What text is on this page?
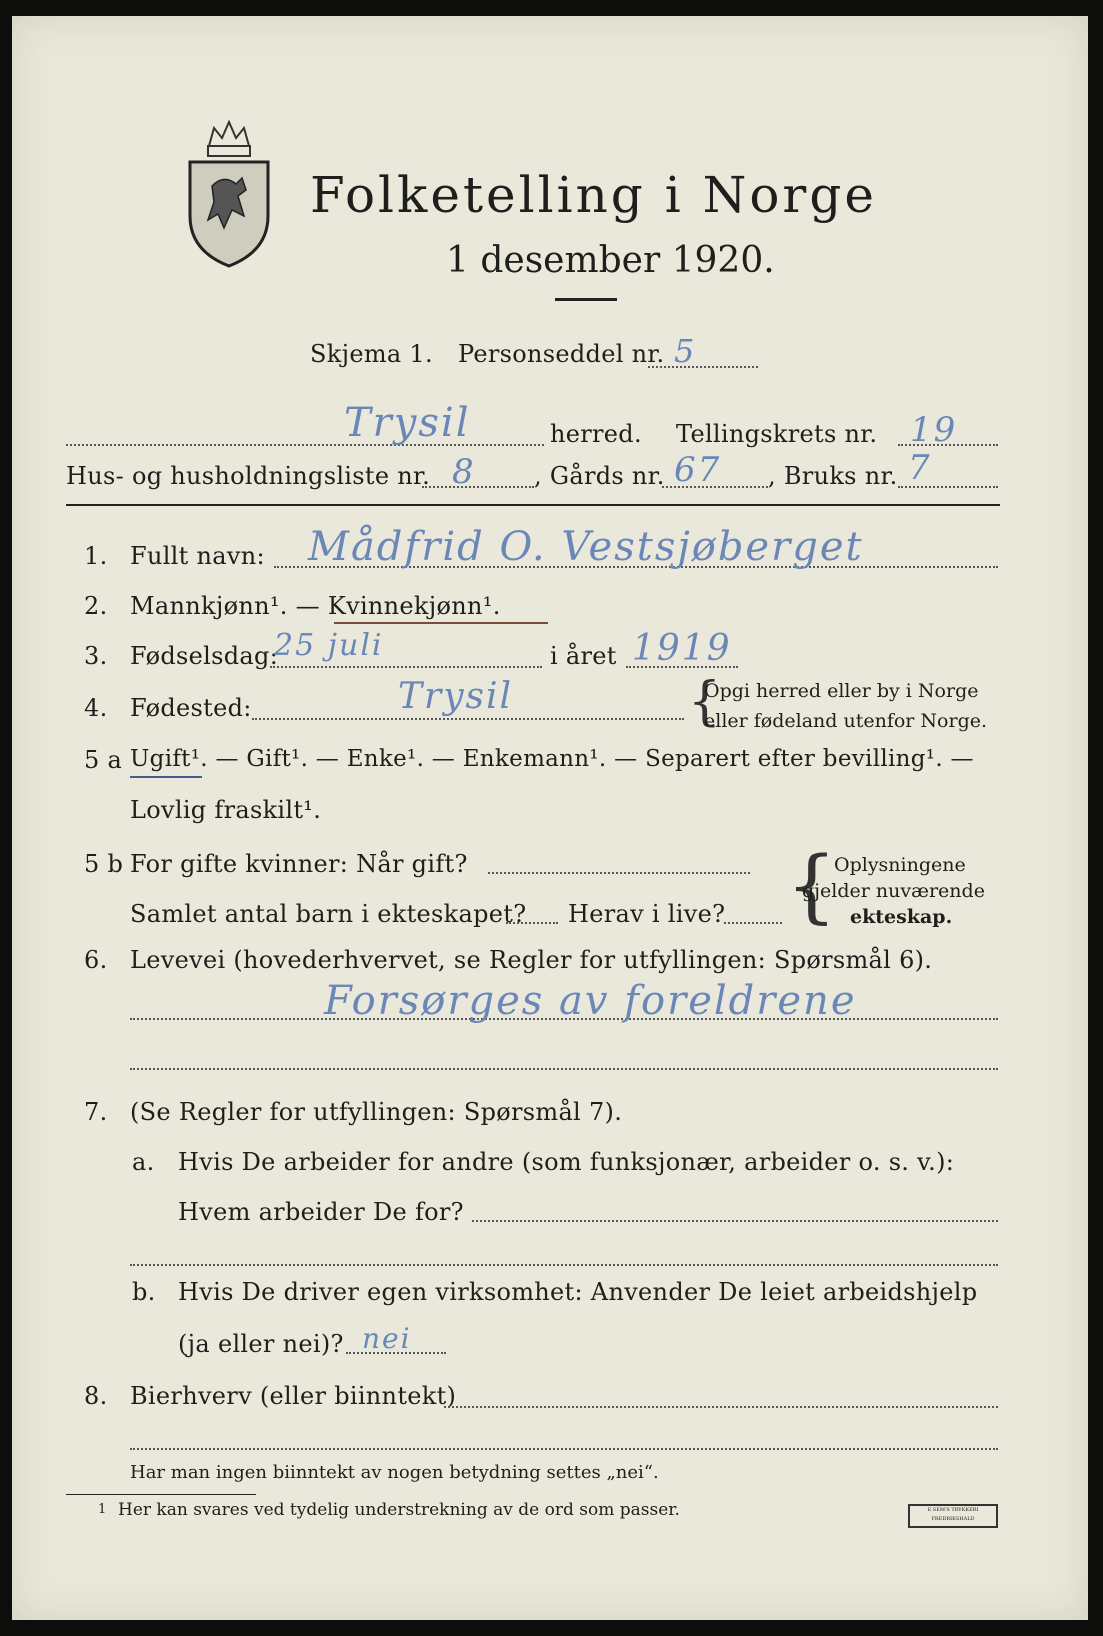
Folketelling i Norge
1 desember 1920.
Skjema 1. Personseddel nr. 5
Trysil	herred. Tellingskrets nr. 19
Hus- og husholdningsliste nr. 8 , Gårds nr. 67 , Bruks nr. 7
1. Fullt navn: Mådfrid O. Vestsjøberget
2. Mannkjønn¹. — Kvinnekjønn¹.
3. Fødselsdag:
25 juli	i året 1919
4. Fødested:	Trysil	{
Opgi herred eller by i Norge
eller fødeland utenfor Norge.
5 a Ugift¹. — Gift¹. — Enke¹. — Enkemann¹. — Separert efter bevilling¹. —
Lovlig fraskilt¹.
5 b For gifte kvinner: Når gift?
Samlet antal barn i ekteskapet? Herav i live? {
Oplysningene
gjelder nuværende
ekteskap.
6. Levevei (hovederhvervet, se Regler for utfyllingen: Spørsmål 6).
Forsørges av foreldrene
7. (Se Regler for utfyllingen: Spørsmål 7).
a. Hvis De arbeider for andre (som funksjonær, arbeider o. s. v.):
Hvem arbeider De for?
b. Hvis De driver egen virksomhet: Anvender De leiet arbeidshjelp
(ja eller nei)? nei
8. Bierhverv (eller biinntekt)
Har man ingen biinntekt av nogen betydning settes „nei“.
1 Her kan svares ved tydelig understrekning av de ord som passer.	E.SEM'S TRYKKERI FREDRIKSHALD
